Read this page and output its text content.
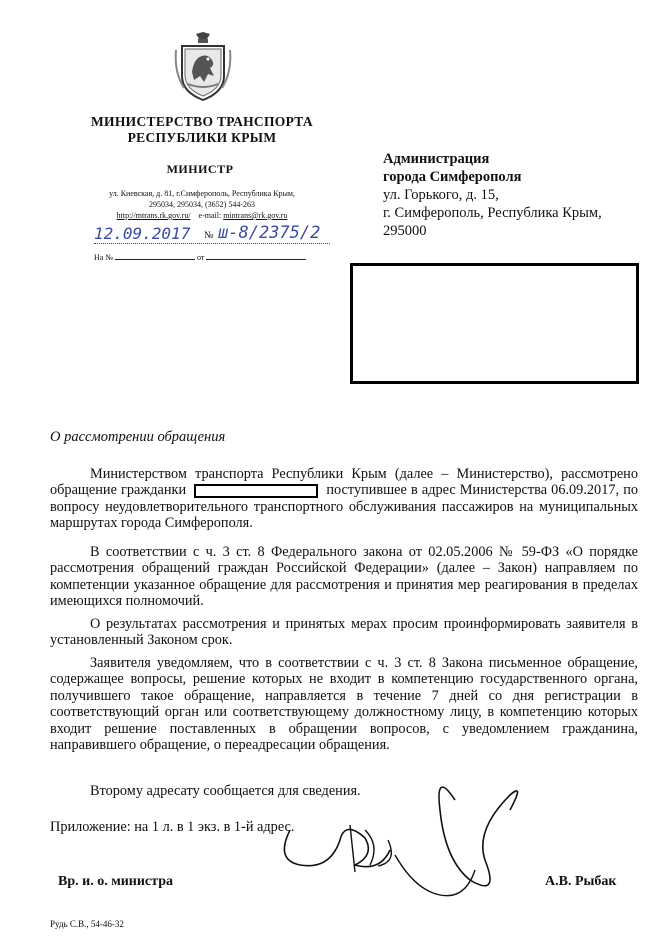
МИНИСТЕРСТВО ТРАНСПОРТА
РЕСПУБЛИКИ КРЫМ
МИНИСТР
ул. Киевская, д. 81, г.Симферополь, Республика Крым,
295034, 295034, (3652) 544-263
http://mtrans.rk.gov.ru/ e-mail: mintrans@rk.gov.ru
12.09.2017 № ш-8/2375/2
На №	от
Администрация
города Симферополя
ул. Горького, д. 15,
г. Симферополь, Республика Крым,
295000
О рассмотрении обращения
Министерством транспорта Республики Крым (далее – Министерство), рассмотрено обращение гражданки	поступившее в адрес Министерства 06.09.2017, по вопросу неудовлетворительного транспортного обслуживания пассажиров на муниципальных маршрутах города Симферополя.
В соответствии с ч. 3 ст. 8 Федерального закона от 02.05.2006 № 59-ФЗ «О порядке рассмотрения обращений граждан Российской Федерации» (далее – Закон) направляем по компетенции указанное обращение для рассмотрения и принятия мер реагирования в пределах имеющихся полномочий.
О результатах рассмотрения и принятых мерах просим проинформировать заявителя в установленный Законом срок.
Заявителя уведомляем, что в соответствии с ч. 3 ст. 8 Закона письменное обращение, содержащее вопросы, решение которых не входит в компетенцию государственного органа, получившего такое обращение, направляется в течение 7 дней со дня регистрации в соответствующий орган или соответствующему должностному лицу, в компетенцию которых входит решение поставленных в обращении вопросов, с уведомлением гражданина, направившего обращение, о переадресации обращения.
Второму адресату сообщается для сведения.
Приложение: на 1 л. в 1 экз. в 1-й адрес.
Вр. и. о. министра	А.В. Рыбак
Рудь С.В., 54-46-32
